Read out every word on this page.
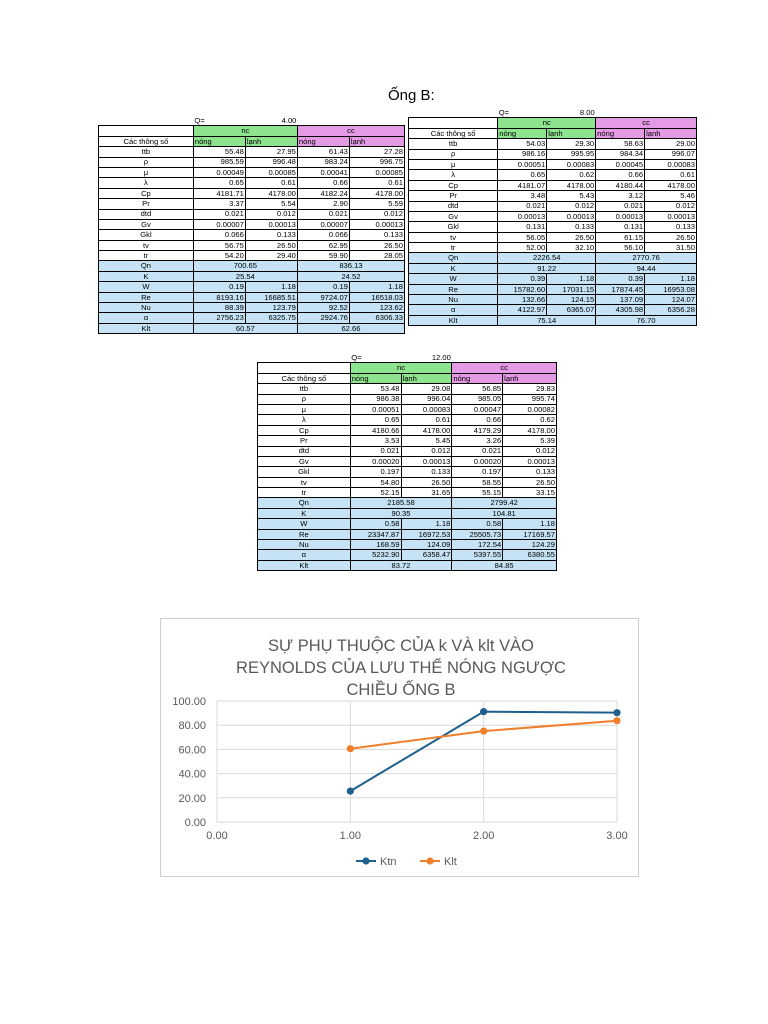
Ống B:
	Q=	4.00		
	nc		cc	
Các thông số	nóng	lạnh	nóng	lạnh
ttb	55.48	27.95	61.43	27.28
ρ	985.59	996.48	983.24	996.75
μ	0.00049	0.00085	0.00041	0.00085
λ	0.65	0.61	0.66	0.61
Cp	4181.71	4178.00	4182.24	4178.00
Pr	3.37	5.54	2.90	5.59
dtd	0.021	0.012	0.021	0.012
Gv	0.00007	0.00013	0.00007	0.00013
Gkl	0.066	0.133	0.066	0.133
tv	56.75	26.50	62.95	26.50
tr	54.20	29.40	59.90	28.05
Qn	700.65		836.13	
K	25.54		24.52	
W	0.19	1.18	0.19	1.18
Re	8193.16	16685.51	9724.07	16518.03
Nu	88.39	123.79	92.52	123.62
α	2756.23	6325.75	2924.76	6306.33
Klt	60.57		62.66	
	Q=	8.00		
	nc		cc	
Các thông số	nóng	lạnh	nóng	lạnh
ttb	54.03	29.30	58.63	29.00
ρ	986.16	995.95	984.34	996.07
μ	0.00051	0.00083	0.00045	0.00083
λ	0.65	0.62	0.66	0.61
Cp	4181.07	4178.00	4180.44	4178.00
Pr	3.48	5.43	3.12	5.46
dtd	0.021	0.012	0.021	0.012
Gv	0.00013	0.00013	0.00013	0.00013
Gkl	0.131	0.133	0.131	0.133
tv	56.05	26.50	61.15	26.50
tr	52.00	32.10	56.10	31.50
Qn	2226.54		2770.76	
K	91.22		94.44	
W	0.39	1.18	0.39	1.18
Re	15782.60	17031.15	17874.45	16953.08
Nu	132.66	124.15	137.09	124.07
α	4122.97	6365.07	4305.98	6356.28
Klt	75.14		76.70	
	Q=	12.00		
	nc		cc	
Các thông số	nóng	lạnh	nóng	lạnh
ttb	53.48	29.08	56.85	29.83
ρ	986.38	996.04	985.05	995.74
μ	0.00051	0.00083	0.00047	0.00082
λ	0.65	0.61	0.66	0.62
Cp	4180.66	4178.00	4179.29	4178.00
Pr	3.53	5.45	3.26	5.39
dtd	0.021	0.012	0.021	0.012
Gv	0.00020	0.00013	0.00020	0.00013
Gkl	0.197	0.133	0.197	0.133
tv	54.80	26.50	58.55	26.50
tr	52.15	31.65	55.15	33.15
Qn	2185.58		2799.42	
K	90.35		104.81	
W	0.58	1.18	0.58	1.18
Re	23347.87	16972.53	25505.73	17169.57
Nu	168.59	124.09	172.54	124.29
α	5232.90	6358.47	5397.55	6380.55
Klt	83.72		84.85	
SỰ PHỤ THUỘC CỦA k VÀ klt VÀO
REYNOLDS CỦA LƯU THỂ NÓNG NGƯỢC
CHIỀU ỐNG B
0.00
20.00
40.00
60.00
80.00
100.00
0.00	1.00	2.00	3.00
Ktn	Klt
